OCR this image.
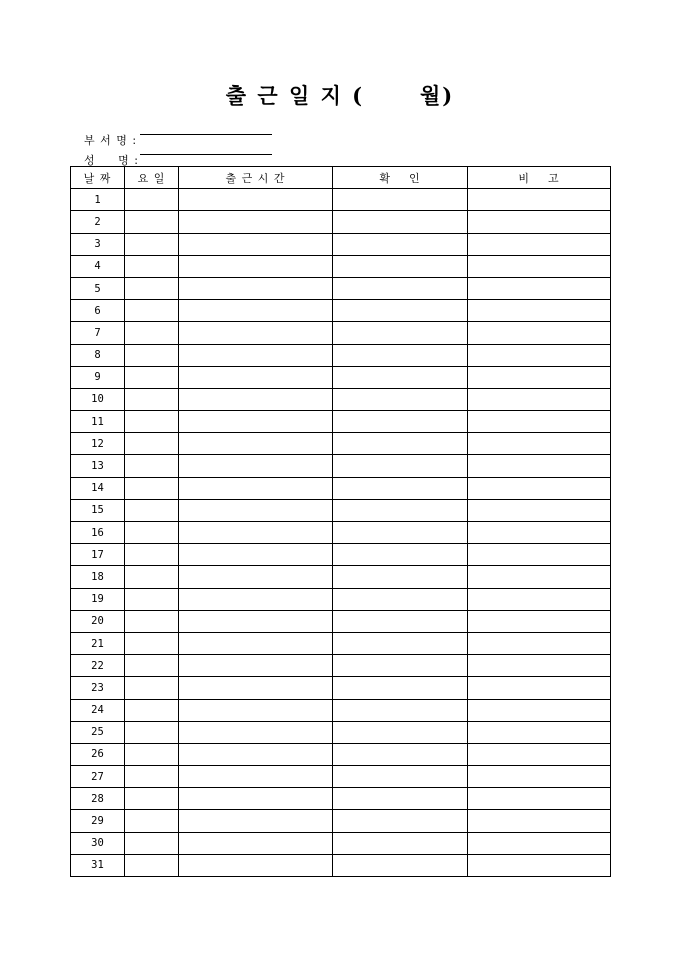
출 근 일 지 (      월)

부 서 명 :

성     명 :

날 짜	요 일	출 근 시 간	확    인	비    고
1				
2				
3				
4				
5				
6				
7				
8				
9				
10				
11				
12				
13				
14				
15				
16				
17				
18				
19				
20				
21				
22				
23				
24				
25				
26				
27				
28				
29				
30				
31				
